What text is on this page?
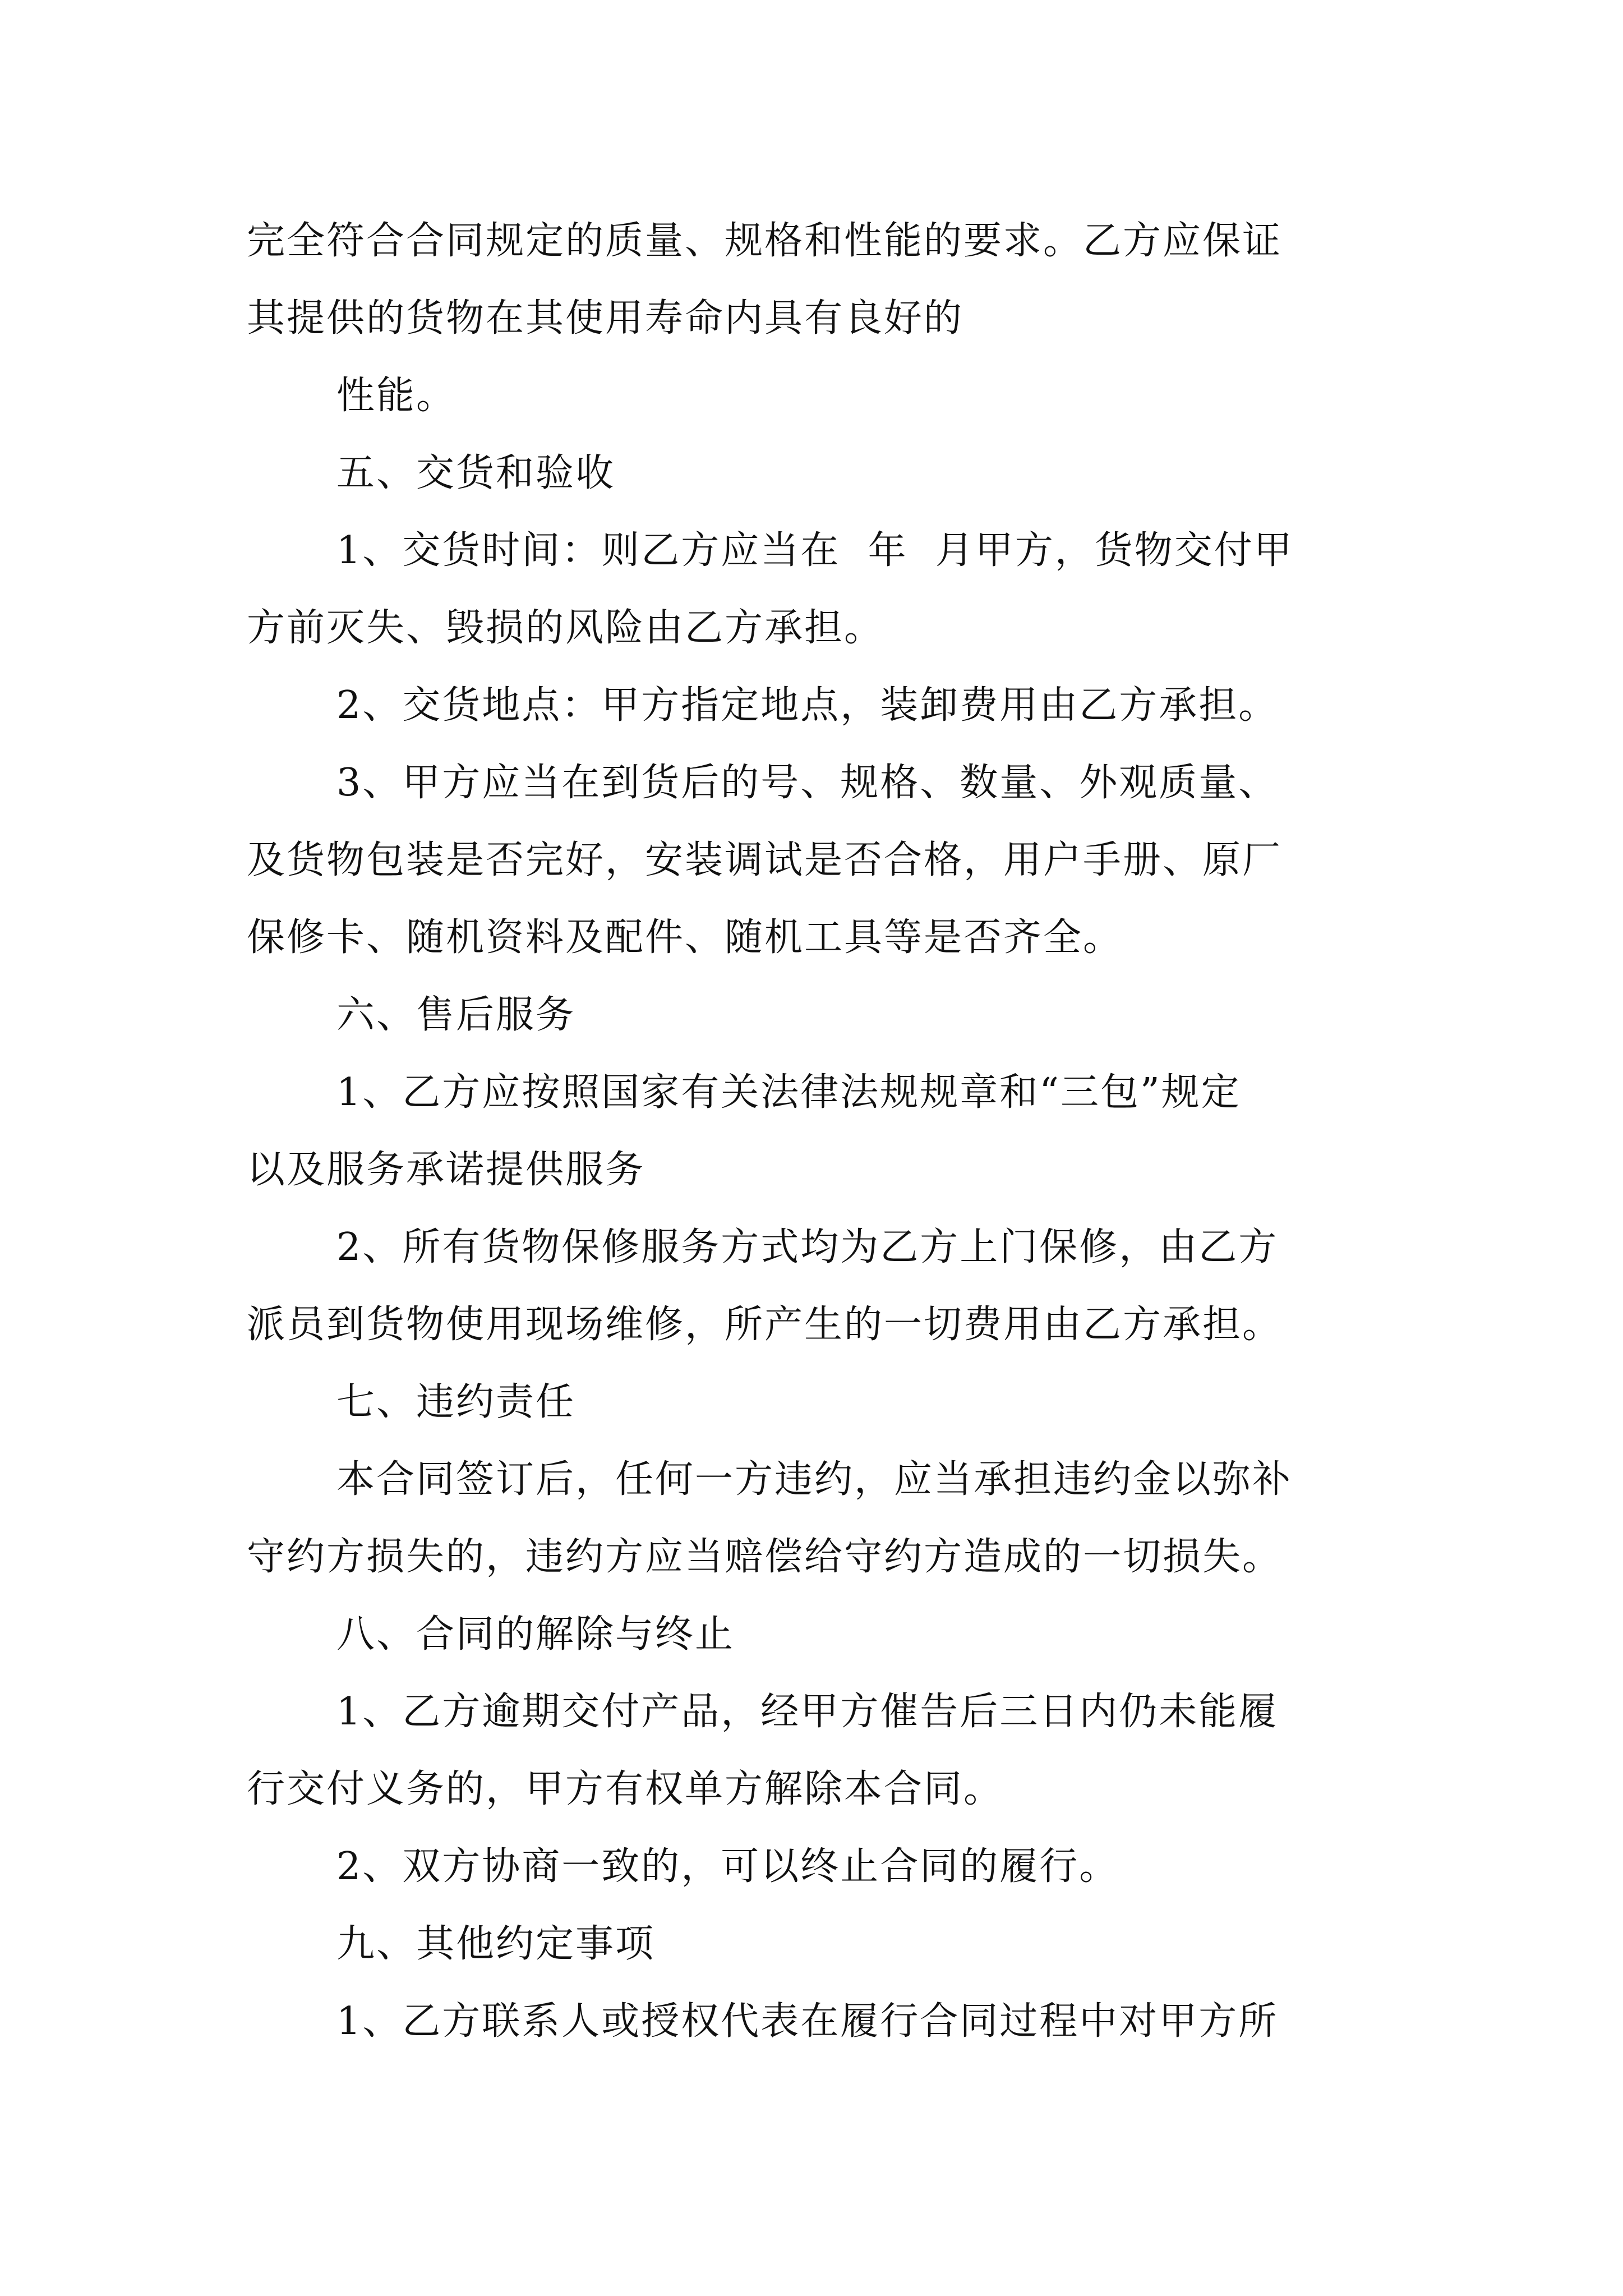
完全符合合同规定的质量、规格和性能的要求。乙方应保证
其提供的货物在其使用寿命内具有良好的
性能。
五、交货和验收
1、交货时间：则乙方应当在  年  月甲方，货物交付甲
方前灭失、毁损的风险由乙方承担。
2、交货地点：甲方指定地点，装卸费用由乙方承担。
3、甲方应当在到货后的号、规格、数量、外观质量、
及货物包装是否完好，安装调试是否合格，用户手册、原厂
保修卡、随机资料及配件、随机工具等是否齐全。
六、售后服务
1、乙方应按照国家有关法律法规规章和“三包”规定
以及服务承诺提供服务
2、所有货物保修服务方式均为乙方上门保修，由乙方
派员到货物使用现场维修，所产生的一切费用由乙方承担。
七、违约责任
本合同签订后，任何一方违约，应当承担违约金以弥补
守约方损失的，违约方应当赔偿给守约方造成的一切损失。
八、合同的解除与终止
1、乙方逾期交付产品，经甲方催告后三日内仍未能履
行交付义务的，甲方有权单方解除本合同。
2、双方协商一致的，可以终止合同的履行。
九、其他约定事项
1、乙方联系人或授权代表在履行合同过程中对甲方所
